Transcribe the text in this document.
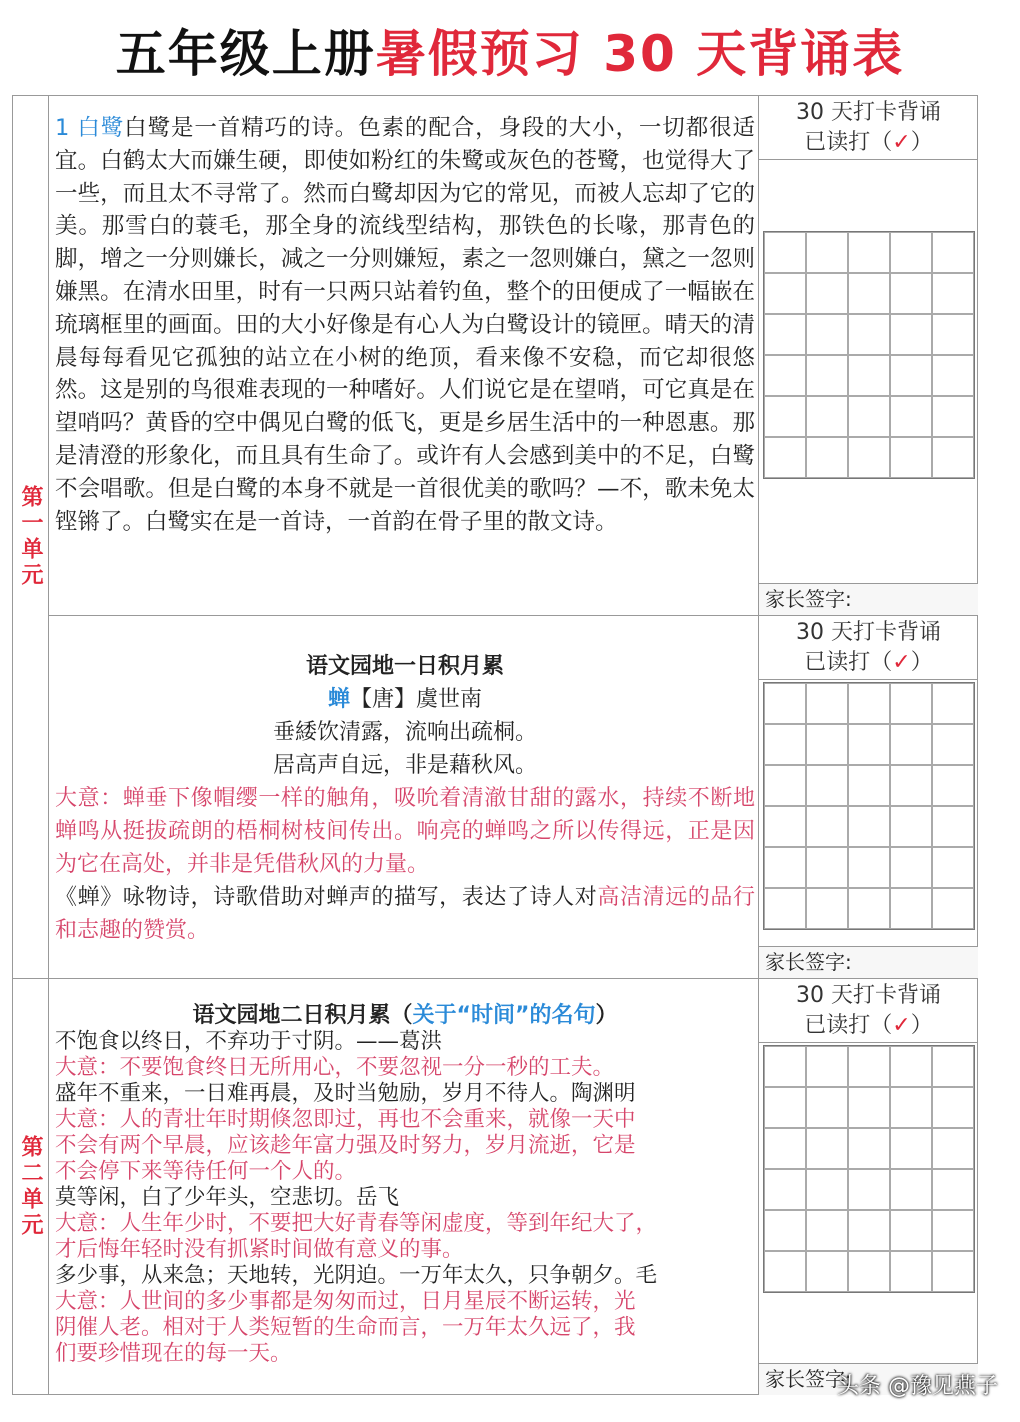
五年级上册暑假预习 30 天背诵表
第一单元
第二单元
1 白鹭白鹭是一首精巧的诗。色素的配合，身段的大小，一切都很适宜。白鹤太大而嫌生硬，即使如粉红的朱鹭或灰色的苍鹭，也觉得大了一些，而且太不寻常了。然而白鹭却因为它的常见，而被人忘却了它的美。那雪白的蓑毛，那全身的流线型结构，那铁色的长喙，那青色的脚，增之一分则嫌长，减之一分则嫌短，素之一忽则嫌白，黛之一忽则嫌黑。在清水田里，时有一只两只站着钓鱼，整个的田便成了一幅嵌在琉璃框里的画面。田的大小好像是有心人为白鹭设计的镜匣。晴天的清晨每每看见它孤独的站立在小树的绝顶，看来像不安稳，而它却很悠然。这是别的鸟很难表现的一种嗜好。人们说它是在望哨，可它真是在望哨吗？黄昏的空中偶见白鹭的低飞，更是乡居生活中的一种恩惠。那是清澄的形象化，而且具有生命了。或许有人会感到美中的不足，白鹭不会唱歌。但是白鹭的本身不就是一首很优美的歌吗？—不，歌未免太铿锵了。白鹭实在是一首诗，一首韵在骨子里的散文诗。
30 天打卡背诵
已读打（✓）
家长签字:
语文园地一日积月累
蝉【唐】虞世南
垂緌饮清露，流响出疏桐。
居高声自远，非是藉秋风。
大意：蝉垂下像帽缨一样的触角，吸吮着清澈甘甜的露水，持续不断地蝉鸣从挺拔疏朗的梧桐树枝间传出。响亮的蝉鸣之所以传得远，正是因为它在高处，并非是凭借秋风的力量。
《蝉》咏物诗，诗歌借助对蝉声的描写，表达了诗人对高洁清远的品行和志趣的赞赏。
30 天打卡背诵
已读打（✓）
家长签字:
语文园地二日积月累（关于“时间”的名句）
不饱食以终日，不弃功于寸阴。——葛洪
大意：不要饱食终日无所用心，不要忽视一分一秒的工夫。
盛年不重来，一日难再晨，及时当勉励，岁月不待人。陶渊明
大意：人的青壮年时期倏忽即过，再也不会重来，就像一天中
不会有两个早晨，应该趁年富力强及时努力，岁月流逝，它是
不会停下来等待任何一个人的。
莫等闲，白了少年头，空悲切。岳飞
大意：人生年少时，不要把大好青春等闲虚度，等到年纪大了，
才后悔年轻时没有抓紧时间做有意义的事。
多少事，从来急；天地转，光阴迫。一万年太久，只争朝夕。毛
大意：人世间的多少事都是匆匆而过，日月星辰不断运转，光
阴催人老。相对于人类短暂的生命而言，一万年太久远了，我
们要珍惜现在的每一天。
30 天打卡背诵
已读打（✓）
家长签字:
头条 @豫见燕子
